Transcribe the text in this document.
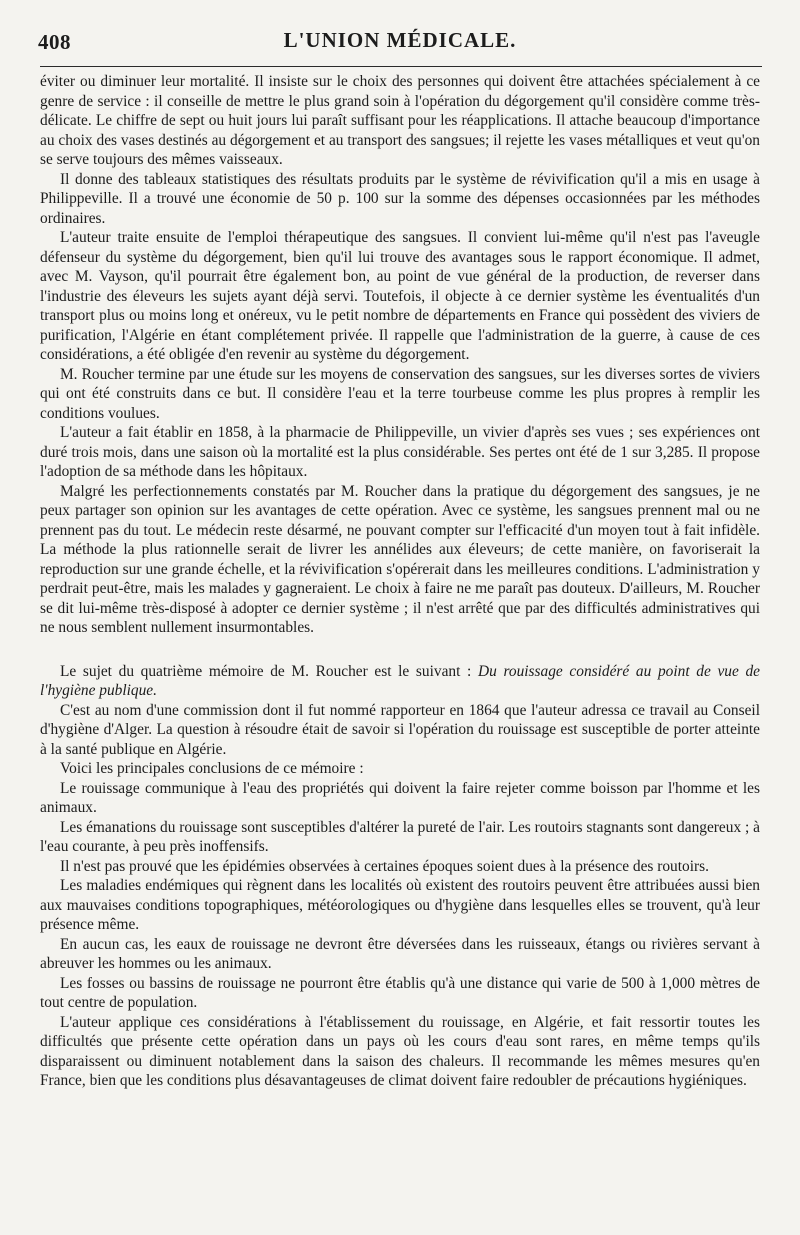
408	L'UNION MÉDICALE.

éviter ou diminuer leur mortalité. Il insiste sur le choix des personnes qui doivent être attachées spécialement à ce genre de service : il conseille de mettre le plus grand soin à l'opération du dégorgement qu'il considère comme très-délicate. Le chiffre de sept ou huit jours lui paraît suffisant pour les réapplications. Il attache beaucoup d'importance au choix des vases destinés au dégorgement et au transport des sangsues; il rejette les vases métalliques et veut qu'on se serve toujours des mêmes vaisseaux.

Il donne des tableaux statistiques des résultats produits par le système de révivification qu'il a mis en usage à Philippeville. Il a trouvé une économie de 50 p. 100 sur la somme des dépenses occasionnées par les méthodes ordinaires.

L'auteur traite ensuite de l'emploi thérapeutique des sangsues. Il convient lui-même qu'il n'est pas l'aveugle défenseur du système du dégorgement, bien qu'il lui trouve des avantages sous le rapport économique. Il admet, avec M. Vayson, qu'il pourrait être également bon, au point de vue général de la production, de reverser dans l'industrie des éleveurs les sujets ayant déjà servi. Toutefois, il objecte à ce dernier système les éventualités d'un transport plus ou moins long et onéreux, vu le petit nombre de départements en France qui possèdent des viviers de purification, l'Algérie en étant complétement privée. Il rappelle que l'administration de la guerre, à cause de ces considérations, a été obligée d'en revenir au système du dégorgement.

M. Roucher termine par une étude sur les moyens de conservation des sangsues, sur les diverses sortes de viviers qui ont été construits dans ce but. Il considère l'eau et la terre tourbeuse comme les plus propres à remplir les conditions voulues.

L'auteur a fait établir en 1858, à la pharmacie de Philippeville, un vivier d'après ses vues ; ses expériences ont duré trois mois, dans une saison où la mortalité est la plus considérable. Ses pertes ont été de 1 sur 3,285. Il propose l'adoption de sa méthode dans les hôpitaux.

Malgré les perfectionnements constatés par M. Roucher dans la pratique du dégorgement des sangsues, je ne peux partager son opinion sur les avantages de cette opération. Avec ce système, les sangsues prennent mal ou ne prennent pas du tout. Le médecin reste désarmé, ne pouvant compter sur l'efficacité d'un moyen tout à fait infidèle. La méthode la plus rationnelle serait de livrer les annélides aux éleveurs; de cette manière, on favoriserait la reproduction sur une grande échelle, et la révivification s'opérerait dans les meilleures conditions. L'administration y perdrait peut-être, mais les malades y gagneraient. Le choix à faire ne me paraît pas douteux. D'ailleurs, M. Roucher se dit lui-même très-disposé à adopter ce dernier système ; il n'est arrêté que par des difficultés administratives qui ne nous semblent nullement insurmontables.

Le sujet du quatrième mémoire de M. Roucher est le suivant : Du rouissage considéré au point de vue de l'hygiène publique.

C'est au nom d'une commission dont il fut nommé rapporteur en 1864 que l'auteur adressa ce travail au Conseil d'hygiène d'Alger. La question à résoudre était de savoir si l'opération du rouissage est susceptible de porter atteinte à la santé publique en Algérie.

Voici les principales conclusions de ce mémoire :

Le rouissage communique à l'eau des propriétés qui doivent la faire rejeter comme boisson par l'homme et les animaux.

Les émanations du rouissage sont susceptibles d'altérer la pureté de l'air. Les routoirs stagnants sont dangereux ; à l'eau courante, à peu près inoffensifs.

Il n'est pas prouvé que les épidémies observées à certaines époques soient dues à la présence des routoirs.

Les maladies endémiques qui règnent dans les localités où existent des routoirs peuvent être attribuées aussi bien aux mauvaises conditions topographiques, météorologiques ou d'hygiène dans lesquelles elles se trouvent, qu'à leur présence même.

En aucun cas, les eaux de rouissage ne devront être déversées dans les ruisseaux, étangs ou rivières servant à abreuver les hommes ou les animaux.

Les fosses ou bassins de rouissage ne pourront être établis qu'à une distance qui varie de 500 à 1,000 mètres de tout centre de population.

L'auteur applique ces considérations à l'établissement du rouissage, en Algérie, et fait ressortir toutes les difficultés que présente cette opération dans un pays où les cours d'eau sont rares, en même temps qu'ils disparaissent ou diminuent notablement dans la saison des chaleurs. Il recommande les mêmes mesures qu'en France, bien que les conditions plus désavantageuses de climat doivent faire redoubler de précautions hygiéniques.
